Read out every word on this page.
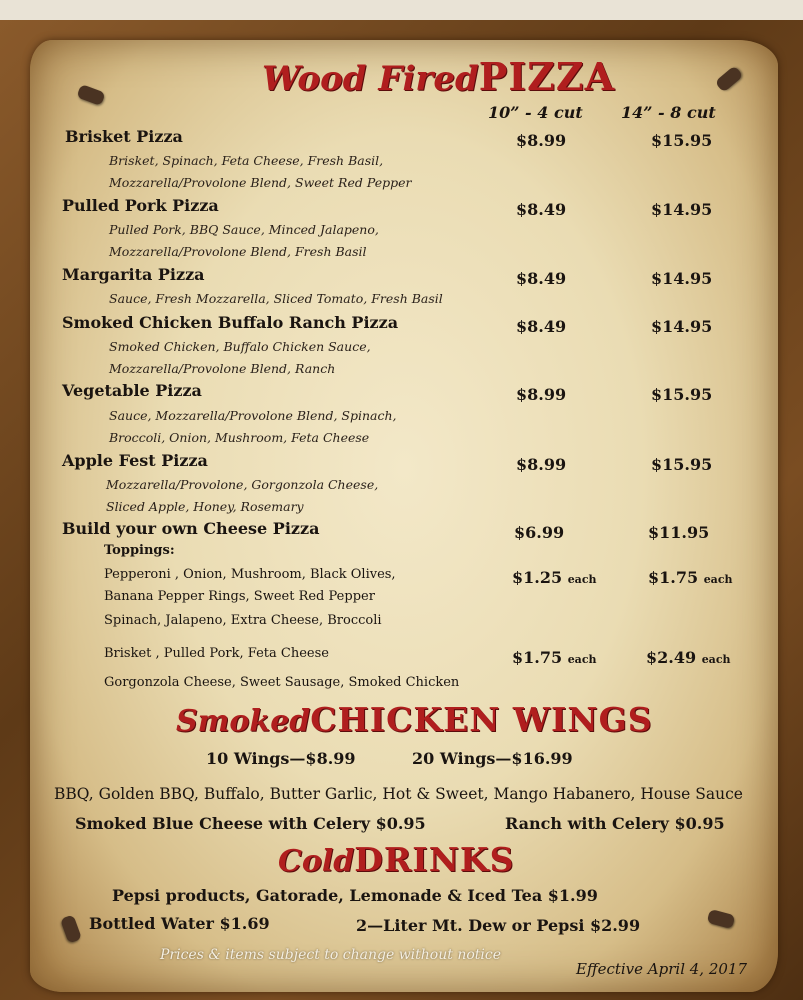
Wood FiredPIZZA
10” - 4 cut 14” - 8 cut
Brisket Pizza	$8.99	$15.95
Brisket, Spinach, Feta Cheese, Fresh Basil,
Mozzarella/Provolone Blend, Sweet Red Pepper
Pulled Pork Pizza	$8.49	$14.95
Pulled Pork, BBQ Sauce, Minced Jalapeno,
Mozzarella/Provolone Blend, Fresh Basil
Margarita Pizza	$8.49	$14.95
Sauce, Fresh Mozzarella, Sliced Tomato, Fresh Basil
Smoked Chicken Buffalo Ranch Pizza	$8.49	$14.95
Smoked Chicken, Buffalo Chicken Sauce,
Mozzarella/Provolone Blend, Ranch
Vegetable Pizza	$8.99	$15.95
Sauce, Mozzarella/Provolone Blend, Spinach,
Broccoli, Onion, Mushroom, Feta Cheese
Apple Fest Pizza	$8.99	$15.95
Mozzarella/Provolone, Gorgonzola Cheese,
Sliced Apple, Honey, Rosemary
Build your own Cheese Pizza	$6.99	$11.95
Toppings:
Pepperoni , Onion, Mushroom, Black Olives,
Banana Pepper Rings, Sweet Red Pepper
Spinach, Jalapeno, Extra Cheese, Broccoli
$1.25 each	$1.75 each
Brisket , Pulled Pork, Feta Cheese
Gorgonzola Cheese, Sweet Sausage, Smoked Chicken
$1.75 each	$2.49 each
SmokedCHICKEN WINGS
10 Wings—$8.99	20 Wings—$16.99
BBQ, Golden BBQ, Buffalo, Butter Garlic, Hot & Sweet, Mango Habanero, House Sauce
Smoked Blue Cheese with Celery $0.95	Ranch with Celery $0.95
ColdDRINKS
Pepsi products, Gatorade, Lemonade & Iced Tea $1.99
Bottled Water $1.69	2—Liter Mt. Dew or Pepsi $2.99
Prices & items subject to change without notice
Effective April 4, 2017
